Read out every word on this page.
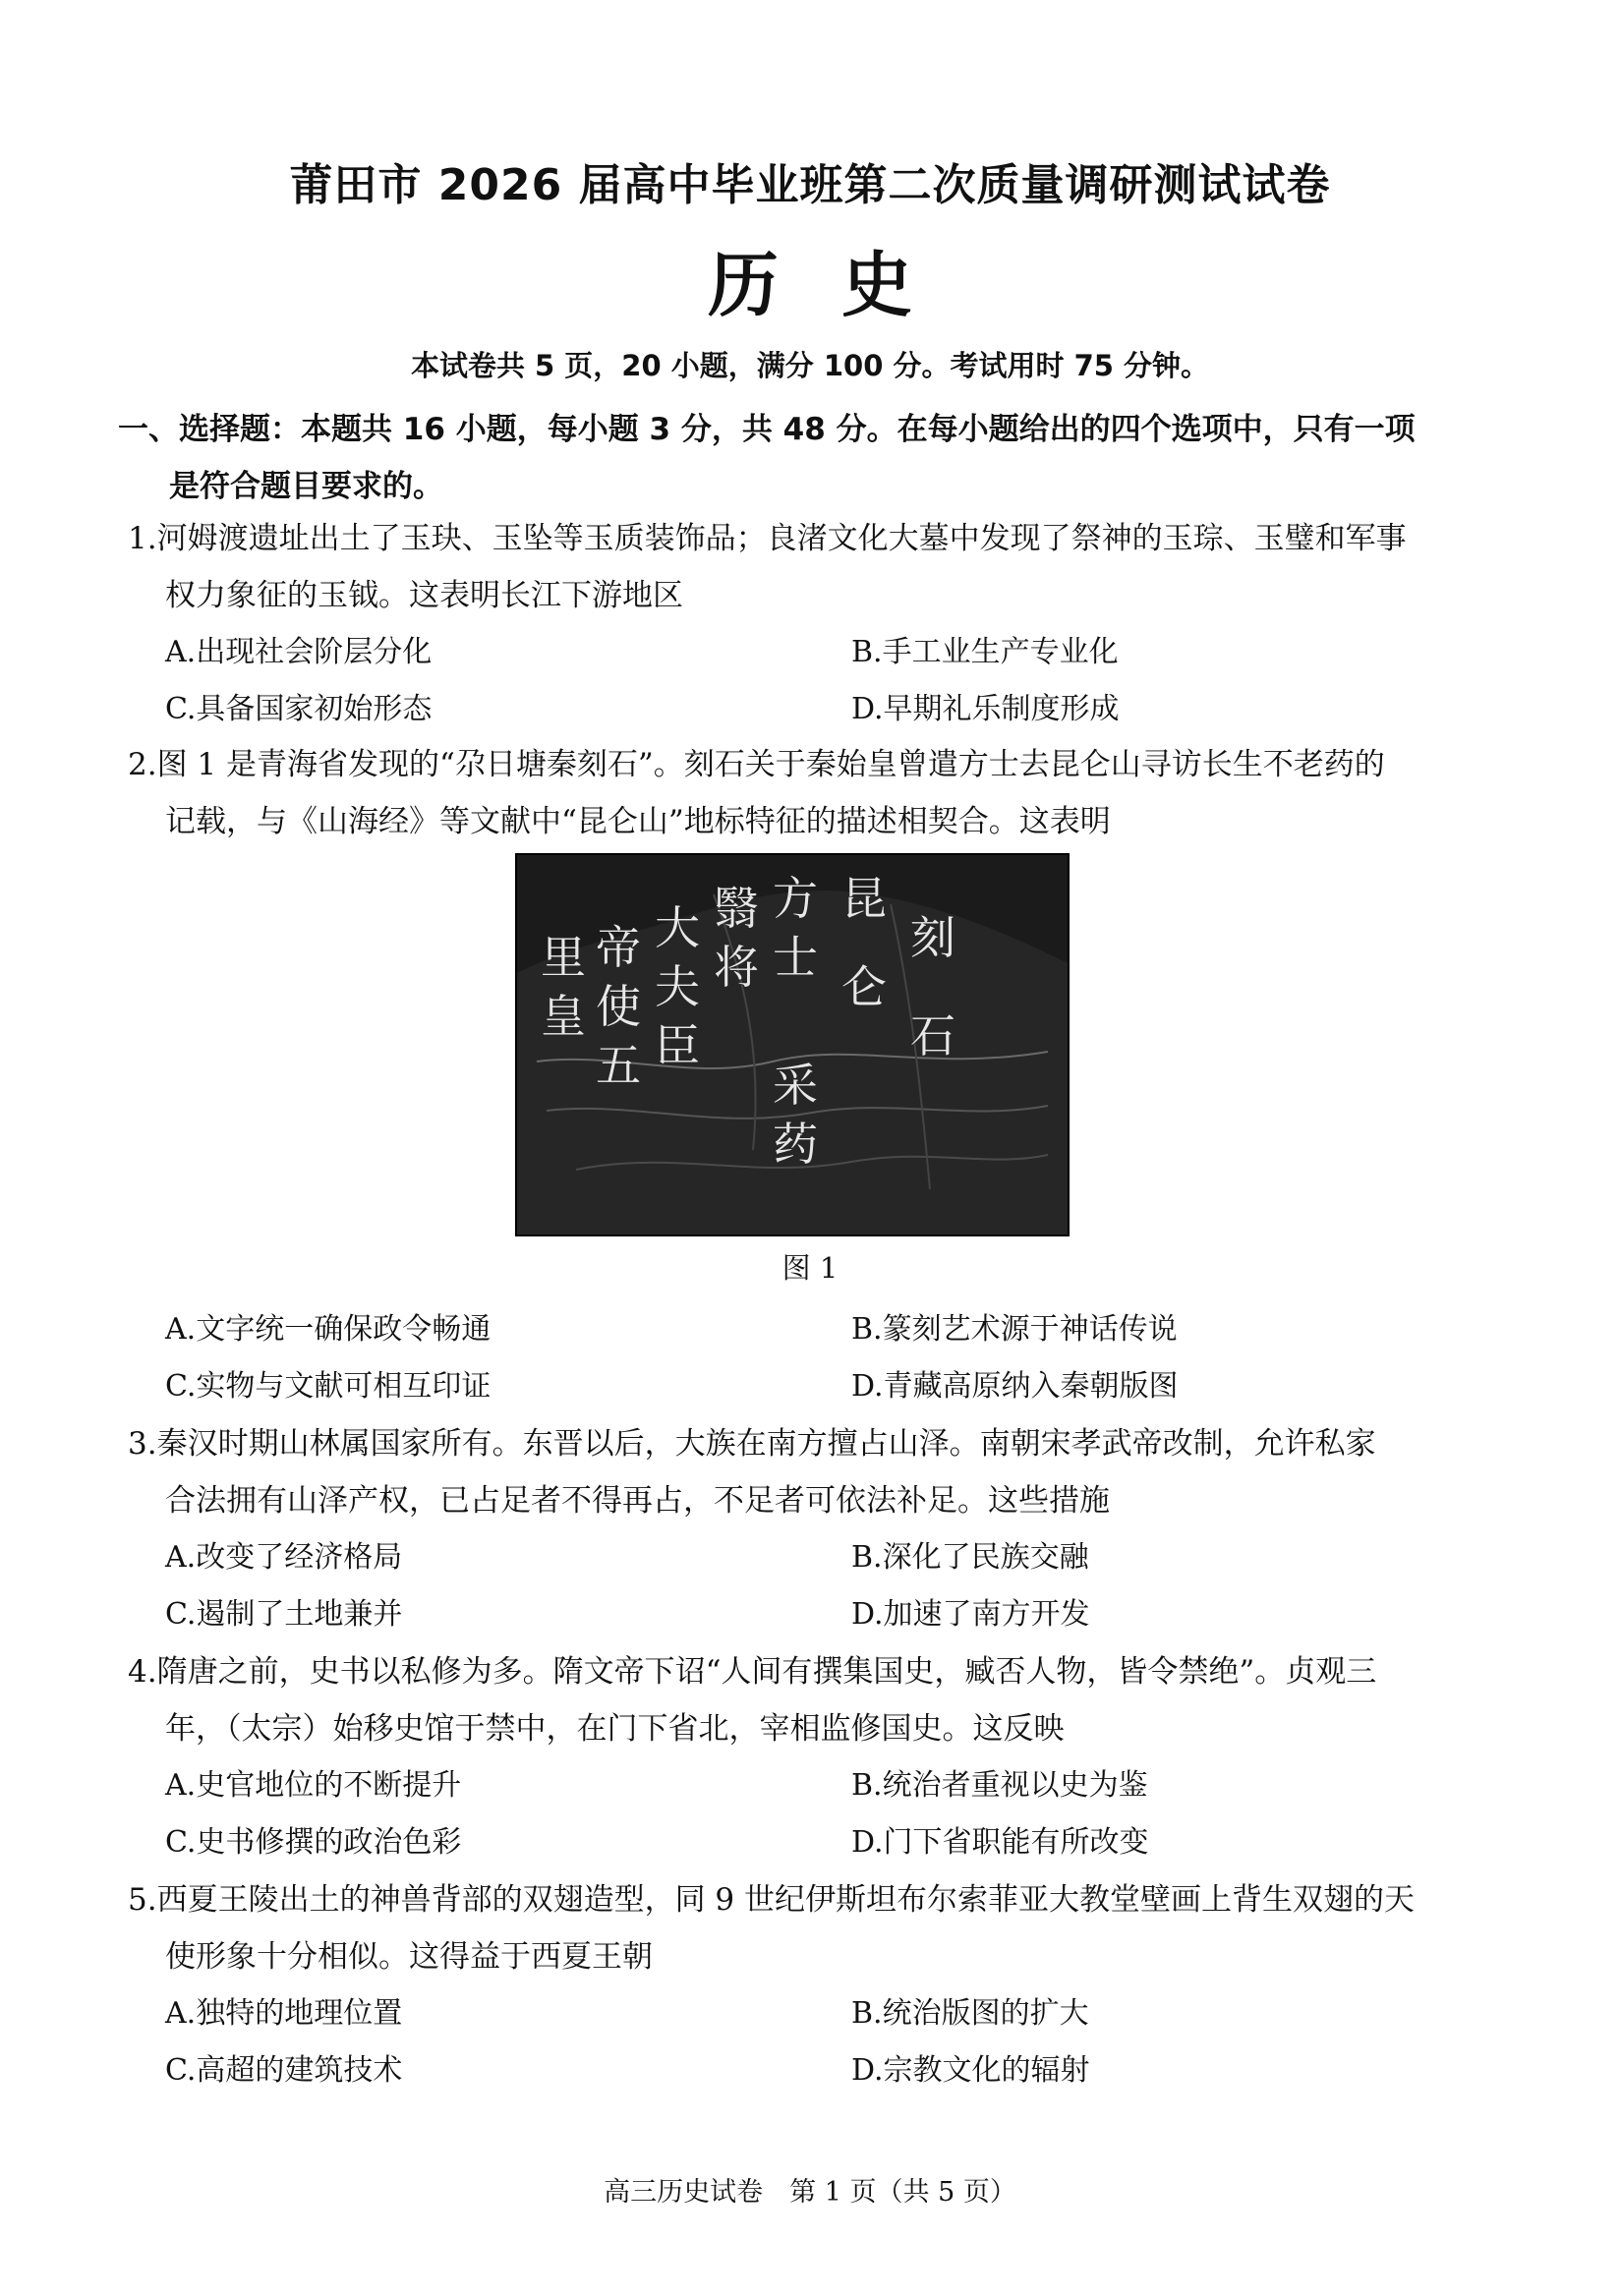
莆田市 2026 届高中毕业班第二次质量调研测试试卷
历史
本试卷共 5 页，20 小题，满分 100 分。考试用时 75 分钟。
一、选择题：本题共 16 小题，每小题 3 分，共 48 分。在每小题给出的四个选项中，只有一项
是符合题目要求的。
1.河姆渡遗址出土了玉玦、玉坠等玉质装饰品；良渚文化大墓中发现了祭神的玉琮、玉璧和军事
权力象征的玉钺。这表明长江下游地区
A.出现社会阶层分化	B.手工业生产专业化
C.具备国家初始形态	D.早期礼乐制度形成
2.图 1 是青海省发现的“尕日塘秦刻石”。刻石关于秦始皇曾遣方士去昆仑山寻访长生不老药的
记载，与《山海经》等文献中“昆仑山”地标特征的描述相契合。这表明
里
皇
帝
使
五
大
夫
臣
翳
将
方
士
采
药
昆
仑
刻
石
图 1
A.文字统一确保政令畅通	B.篆刻艺术源于神话传说
C.实物与文献可相互印证	D.青藏高原纳入秦朝版图
3.秦汉时期山林属国家所有。东晋以后，大族在南方擅占山泽。南朝宋孝武帝改制，允许私家
合法拥有山泽产权，已占足者不得再占，不足者可依法补足。这些措施
A.改变了经济格局	B.深化了民族交融
C.遏制了土地兼并	D.加速了南方开发
4.隋唐之前，史书以私修为多。隋文帝下诏“人间有撰集国史，臧否人物，皆令禁绝”。贞观三
年，（太宗）始移史馆于禁中，在门下省北，宰相监修国史。这反映
A.史官地位的不断提升	B.统治者重视以史为鉴
C.史书修撰的政治色彩	D.门下省职能有所改变
5.西夏王陵出土的神兽背部的双翅造型，同 9 世纪伊斯坦布尔索菲亚大教堂壁画上背生双翅的天
使形象十分相似。这得益于西夏王朝
A.独特的地理位置	B.统治版图的扩大
C.高超的建筑技术	D.宗教文化的辐射
高三历史试卷　第 1 页（共 5 页）
